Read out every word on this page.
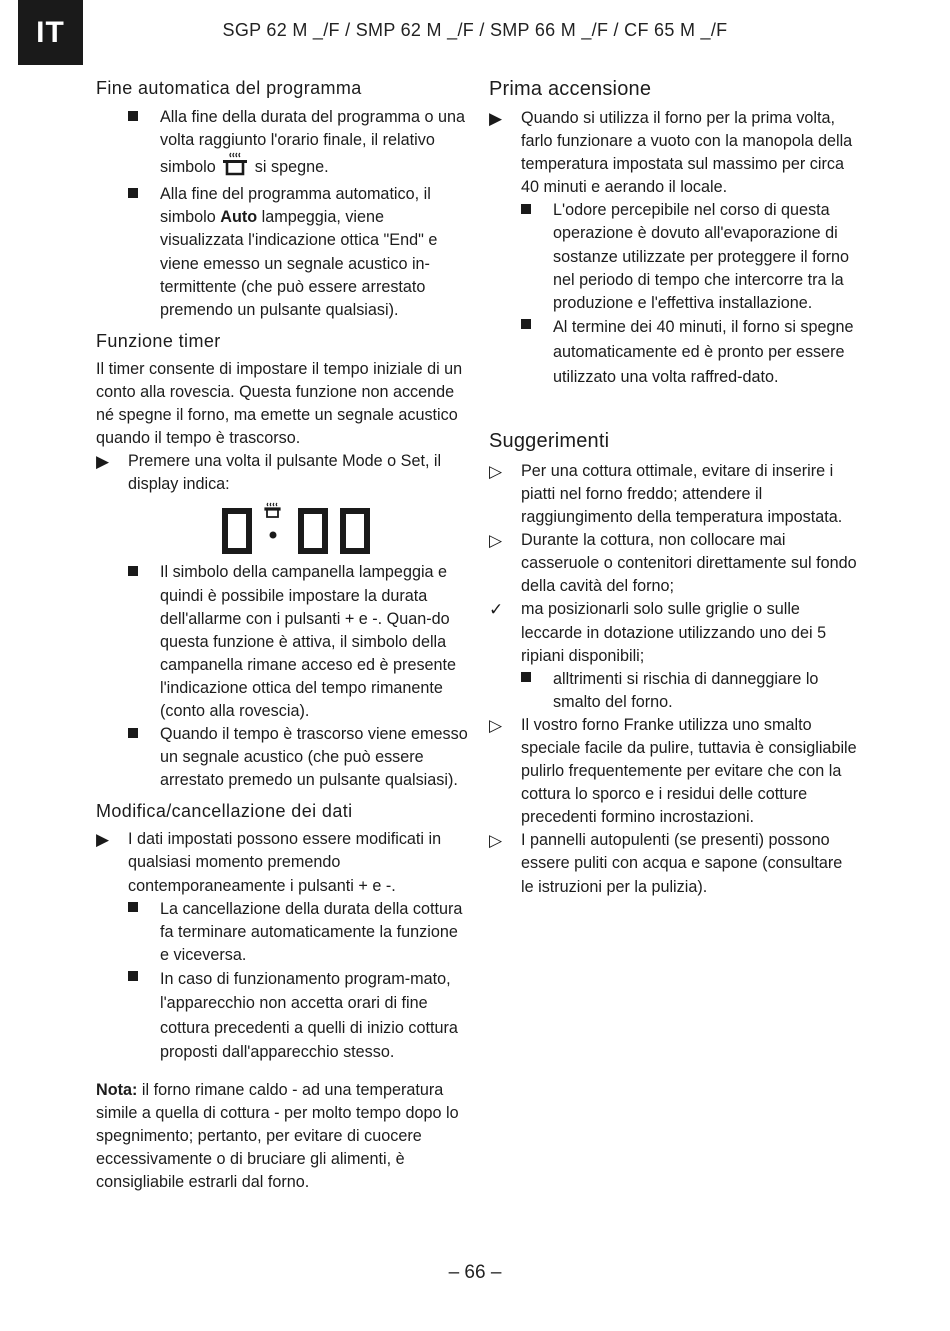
IT	SGP 62 M _/F / SMP 62 M _/F / SMP 66 M _/F / CF 65 M _/F
Fine automatica del programma

Alla fine della durata del programma o una volta raggiunto l'orario finale, il relativo simbolo si spegne.

Alla fine del programma automatico, il simbolo Auto lampeggia, viene visualizzata l'indicazione ottica "End" e viene emesso un segnale acustico in-termittente (che può essere arrestato premendo un pulsante qualsiasi).

Funzione timer

Il timer consente di impostare il tempo iniziale di un conto alla rovescia. Questa funzione non accende né spegne il forno, ma emette un segnale acustico quando il tempo è trascorso.

▶ Premere una volta il pulsante Mode o Set, il display indica:

Il simbolo della campanella lampeggia e quindi è possibile impostare la durata dell'allarme con i pulsanti + e -. Quan-do questa funzione è attiva, il simbolo della campanella rimane acceso ed è presente l'indicazione ottica del tempo rimanente (conto alla rovescia).

Quando il tempo è trascorso viene emesso un segnale acustico (che può essere arrestato premedo un pulsante qualsiasi).

Modifica/cancellazione dei dati
▶ I dati impostati possono essere modificati in qualsiasi momento premendo contemporaneamente i pulsanti + e -.

La cancellazione della durata della cottura fa terminare automaticamente la funzione e viceversa.

In caso di funzionamento program-mato, l'apparecchio non accetta orari di fine cottura precedenti a quelli di inizio cottura proposti dall'apparecchio stesso.

Nota: il forno rimane caldo - ad una temperatura simile a quella di cottura - per molto tempo dopo lo spegnimento; pertanto, per evitare di cuocere eccessivamente o di bruciare gli alimenti, è consigliabile estrarli dal forno.

Prima accensione
▶ Quando si utilizza il forno per la prima volta, farlo funzionare a vuoto con la manopola della temperatura impostata sul massimo per circa 40 minuti e aerando il locale.

L'odore percepibile nel corso di questa operazione è dovuto all'evaporazione di sostanze utilizzate per proteggere il forno nel periodo di tempo che intercorre tra la produzione e l'effettiva installazione.

Al termine dei 40 minuti, il forno si spegne automaticamente ed è pronto per essere utilizzato una volta raffred-dato.

Suggerimenti
▷ Per una cottura ottimale, evitare di inserire i piatti nel forno freddo; attendere il raggiungimento della temperatura impostata.

▷ Durante la cottura, non collocare mai casseruole o contenitori direttamente sul fondo della cavità del forno;

✓ ma posizionarli solo sulle griglie o sulle leccarde in dotazione utilizzando uno dei 5 ripiani disponibili;

alltrimenti si rischia di danneggiare lo smalto del forno.

▷ Il vostro forno Franke utilizza uno smalto speciale facile da pulire, tuttavia è consigliabile pulirlo frequentemente per evitare che con la cottura lo sporco e i residui delle cotture precedenti formino incrostazioni.

▷ I pannelli autopulenti (se presenti) possono essere puliti con acqua e sapone (consultare le istruzioni per la pulizia).

– 66 –
